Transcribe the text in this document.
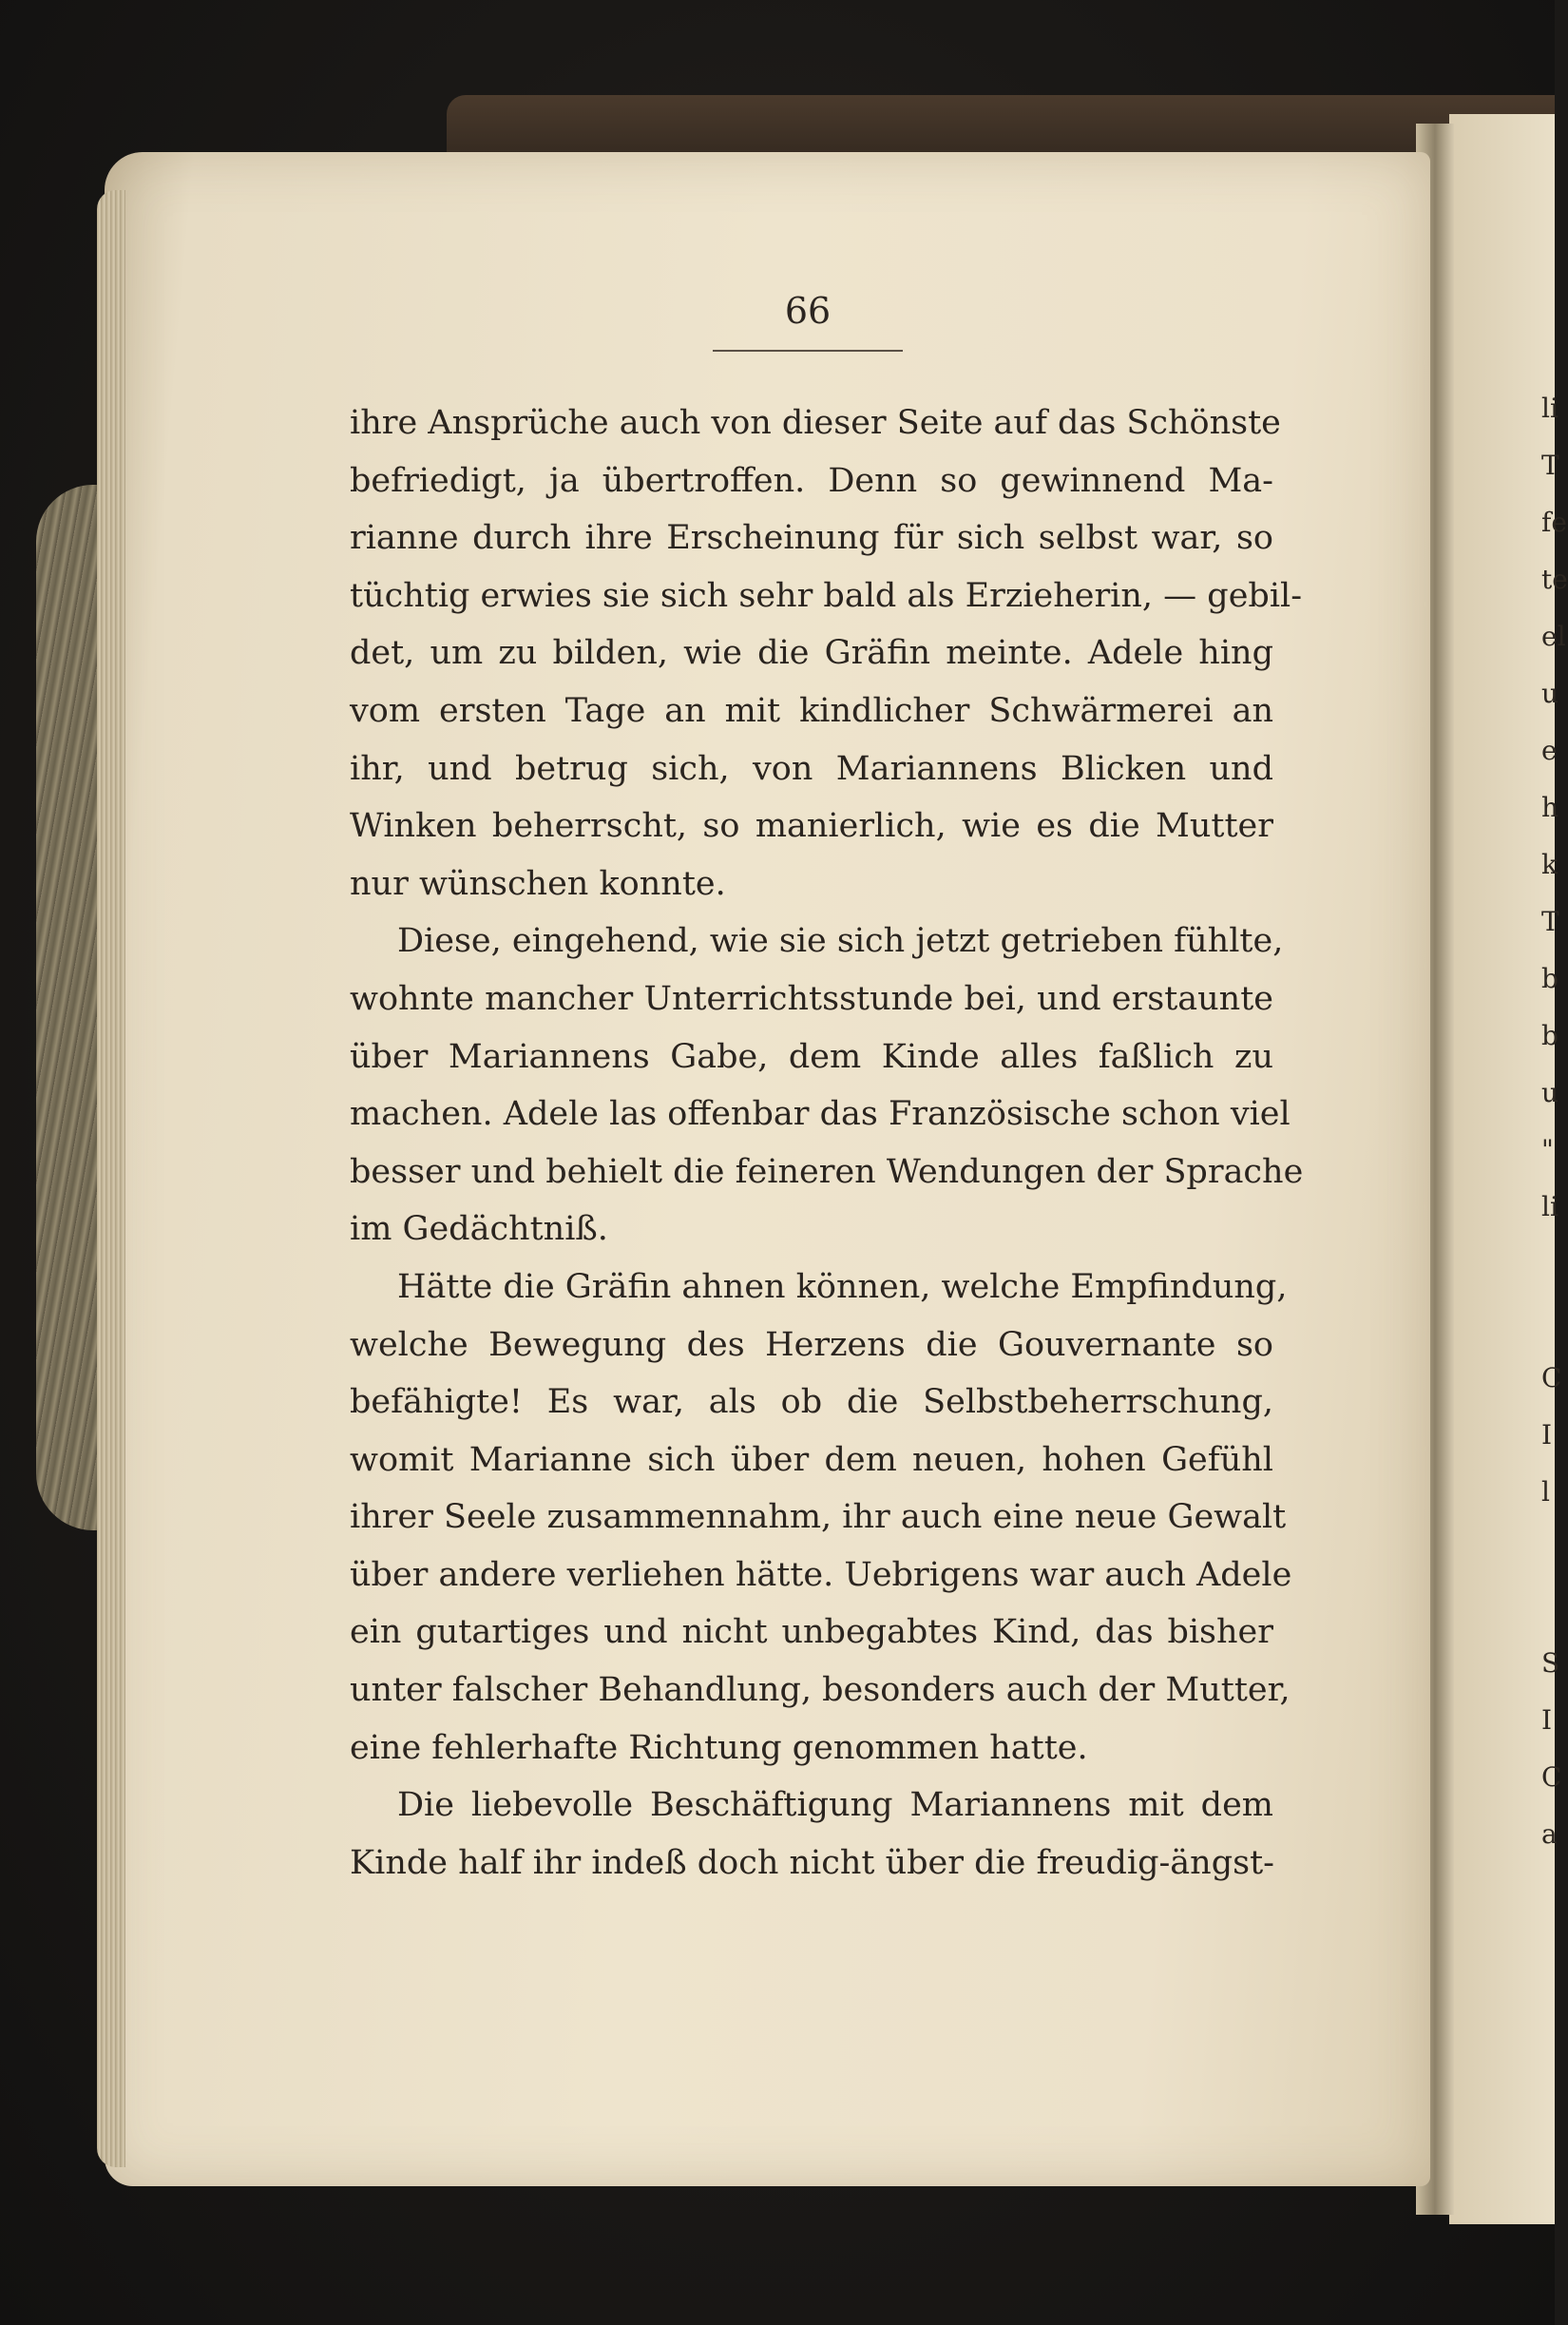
li
T
fe
te
el
u
e
h
k
T
b
b
u
"
li
C
I
l
S
I
C
a
66
ihre Ansprüche auch von dieser Seite auf das Schönste
befriedigt, ja übertroffen. Denn so gewinnend Ma-
rianne durch ihre Erscheinung für sich selbst war, so
tüchtig erwies sie sich sehr bald als Erzieherin, — gebil-
det, um zu bilden, wie die Gräfin meinte. Adele hing
vom ersten Tage an mit kindlicher Schwärmerei an
ihr, und betrug sich, von Mariannens Blicken und
Winken beherrscht, so manierlich, wie es die Mutter
nur wünschen konnte.
Diese, eingehend, wie sie sich jetzt getrieben fühlte,
wohnte mancher Unterrichtsstunde bei, und erstaunte
über Mariannens Gabe, dem Kinde alles faßlich zu
machen. Adele las offenbar das Französische schon viel
besser und behielt die feineren Wendungen der Sprache
im Gedächtniß.
Hätte die Gräfin ahnen können, welche Empfindung,
welche Bewegung des Herzens die Gouvernante so
befähigte! Es war, als ob die Selbstbeherrschung,
womit Marianne sich über dem neuen, hohen Gefühl
ihrer Seele zusammennahm, ihr auch eine neue Gewalt
über andere verliehen hätte. Uebrigens war auch Adele
ein gutartiges und nicht unbegabtes Kind, das bisher
unter falscher Behandlung, besonders auch der Mutter,
eine fehlerhafte Richtung genommen hatte.
Die liebevolle Beschäftigung Mariannens mit dem
Kinde half ihr indeß doch nicht über die freudig-ängst-
